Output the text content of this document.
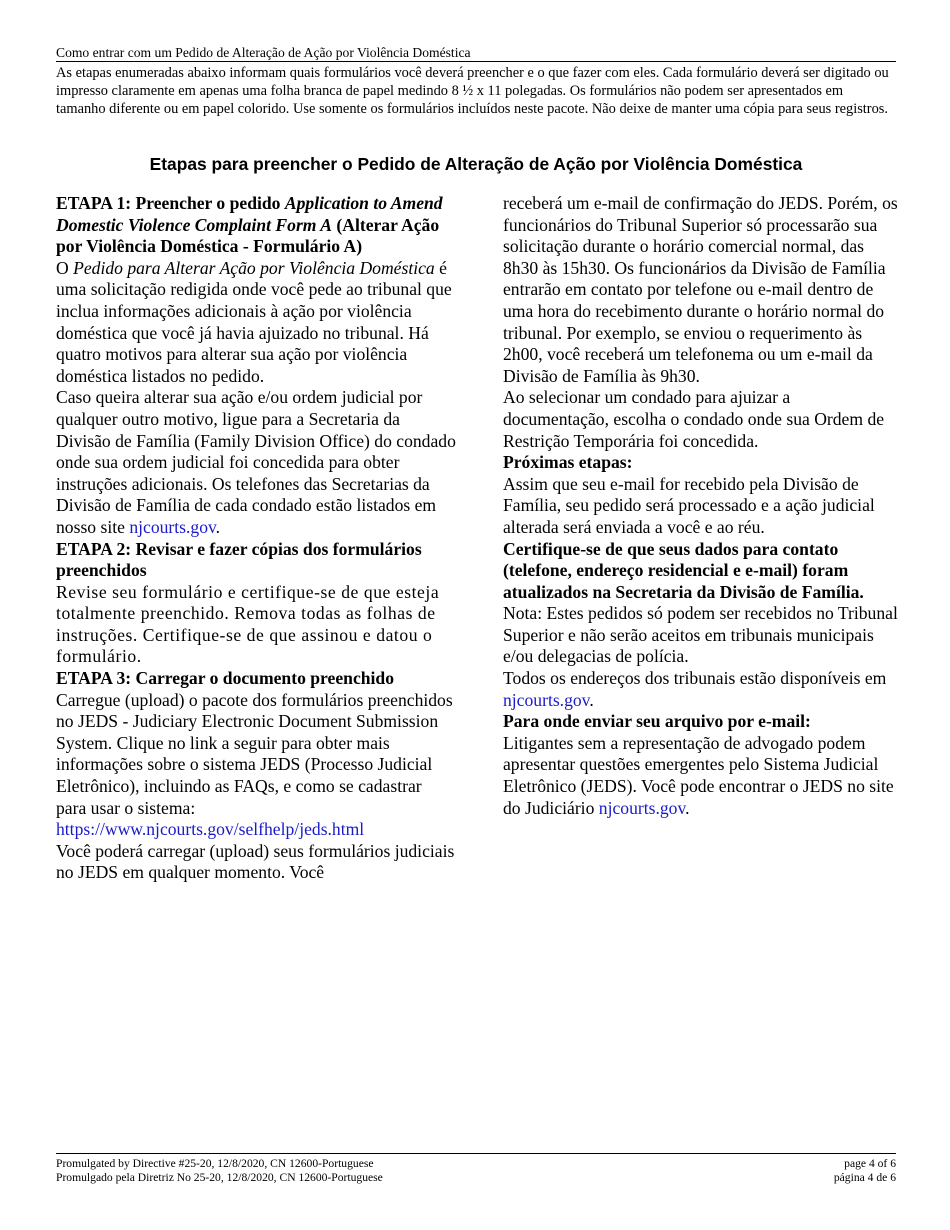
Como entrar com um Pedido de Alteração de Ação por Violência Doméstica
As etapas enumeradas abaixo informam quais formulários você deverá preencher e o que fazer com eles. Cada formulário deverá ser digitado ou impresso claramente em apenas uma folha branca de papel medindo 8 ½ x 11 polegadas. Os formulários não podem ser apresentados em tamanho diferente ou em papel colorido. Use somente os formulários incluídos neste pacote. Não deixe de manter uma cópia para seus registros.
Etapas para preencher o Pedido de Alteração de Ação por Violência Doméstica

ETAPA 1: Preencher o pedido Application to Amend Domestic Violence Complaint Form A (Alterar Ação por Violência Doméstica - Formulário A)

O Pedido para Alterar Ação por Violência Doméstica é uma solicitação redigida onde você pede ao tribunal que inclua informações adicionais à ação por violência doméstica que você já havia ajuizado no tribunal. Há quatro motivos para alterar sua ação por violência doméstica listados no pedido.

Caso queira alterar sua ação e/ou ordem judicial por qualquer outro motivo, ligue para a Secretaria da Divisão de Família (Family Division Office) do condado onde sua ordem judicial foi concedida para obter instruções adicionais. Os telefones das Secretarias da Divisão de Família de cada condado estão listados em nosso site njcourts.gov.

ETAPA 2: Revisar e fazer cópias dos formulários preenchidos

Revise seu formulário e certifique-se de que esteja totalmente preenchido. Remova todas as folhas de instruções. Certifique-se de que assinou e datou o formulário.

ETAPA 3: Carregar o documento preenchido

Carregue (upload) o pacote dos formulários preenchidos no JEDS - Judiciary Electronic Document Submission System. Clique no link a seguir para obter mais informações sobre o sistema JEDS (Processo Judicial Eletrônico), incluindo as FAQs, e como se cadastrar para usar o sistema: https://www.njcourts.gov/selfhelp/jeds.html

Você poderá carregar (upload) seus formulários judiciais no JEDS em qualquer momento. Você

receberá um e-mail de confirmação do JEDS. Porém, os funcionários do Tribunal Superior só processarão sua solicitação durante o horário comercial normal, das 8h30 às 15h30. Os funcionários da Divisão de Família entrarão em contato por telefone ou e-mail dentro de uma hora do recebimento durante o horário normal do tribunal. Por exemplo, se enviou o requerimento às 2h00, você receberá um telefonema ou um e-mail da Divisão de Família às 9h30.

Ao selecionar um condado para ajuizar a documentação, escolha o condado onde sua Ordem de Restrição Temporária foi concedida.

Próximas etapas:

Assim que seu e-mail for recebido pela Divisão de Família, seu pedido será processado e a ação judicial alterada será enviada a você e ao réu.

Certifique-se de que seus dados para contato (telefone, endereço residencial e e-mail) foram atualizados na Secretaria da Divisão de Família.

Nota: Estes pedidos só podem ser recebidos no Tribunal Superior e não serão aceitos em tribunais municipais e/ou delegacias de polícia.

Todos os endereços dos tribunais estão disponíveis em njcourts.gov.

Para onde enviar seu arquivo por e-mail:

Litigantes sem a representação de advogado podem apresentar questões emergentes pelo Sistema Judicial Eletrônico (JEDS). Você pode encontrar o JEDS no site do Judiciário njcourts.gov.

Promulgated by Directive #25-20, 12/8/2020, CN 12600-Portuguese	page 4 of 6
Promulgado pela Diretriz No 25-20, 12/8/2020, CN 12600-Portuguese	página 4 de 6
